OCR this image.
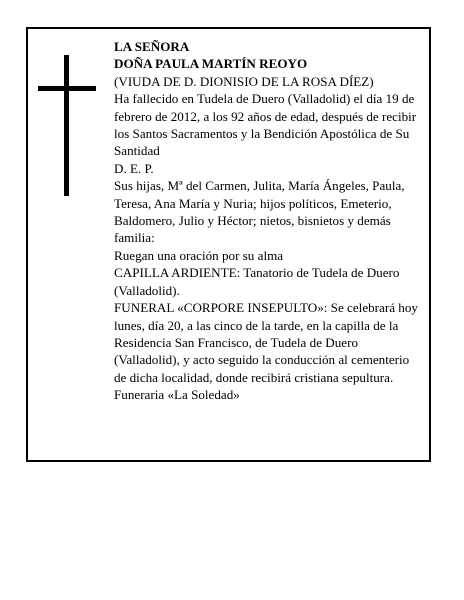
LA SEÑORA
DOÑA PAULA MARTÍN REOYO
(VIUDA DE D. DIONISIO DE LA ROSA DÍEZ)
Ha fallecido en Tudela de Duero (Valladolid) el día 19 de febrero de 2012, a los 92 años de edad, después de recibir los Santos Sacramentos y la Bendición Apostólica de Su Santidad
D. E. P.
Sus hijas, Mª del Carmen, Julita, María Ángeles, Paula, Teresa, Ana María y Nuria; hijos políticos, Emeterio, Baldomero, Julio y Héctor; nietos, bisnietos y demás familia:
Ruegan una oración por su alma
CAPILLA ARDIENTE: Tanatorio de Tudela de Duero (Valladolid).
FUNERAL «CORPORE INSEPULTO»: Se celebrará hoy lunes, día 20, a las cinco de la tarde, en la capilla de la Residencia San Francisco, de Tudela de Duero (Valladolid), y acto seguido la conducción al cementerio de dicha localidad, donde recibirá cristiana sepultura.
Funeraria «La Soledad»
